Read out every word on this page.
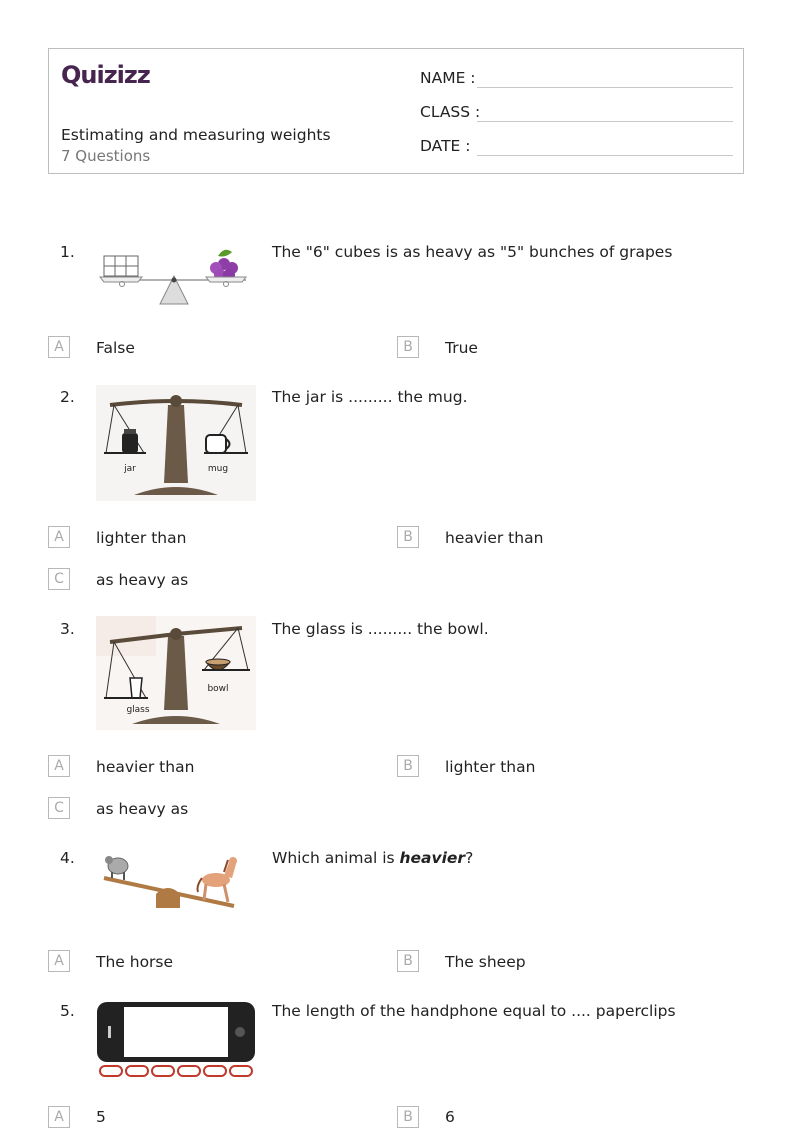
Quizizz
Estimating and measuring weights
7 Questions
NAME :
CLASS :
DATE :
1.	The "6" cubes is as heavy as "5" bunches of grapes
A	False	B	True
2.
jar	mug
The jar is ......... the mug.
A	lighter than	B	heavier than
C	as heavy as
3.
glass
bowl
The glass is ......... the bowl.
A	heavier than	B	lighter than
C	as heavy as
4.	Which animal is heavier?
A	The horse	B	The sheep
5.	The length of the handphone equal to .... paperclips
A	5	B	6
